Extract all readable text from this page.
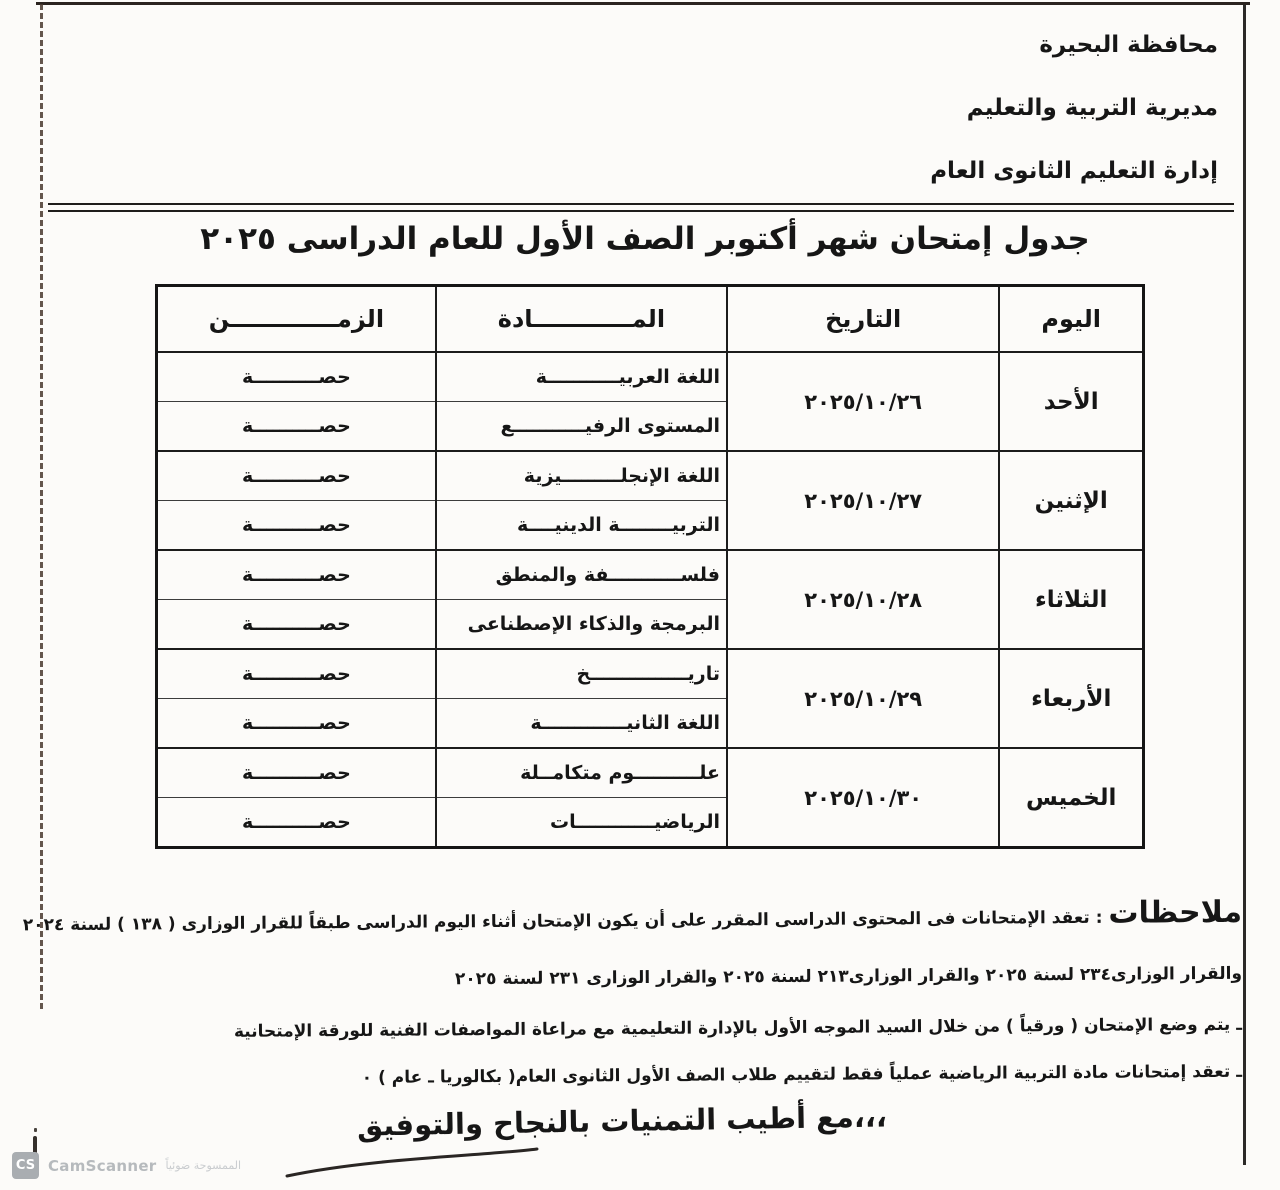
محافظة البحيرة
مديرية التربية والتعليم
إدارة التعليم الثانوى العام
جدول إمتحان شهر أكتوبر الصف الأول للعام الدراسى ٢٠٢٥
اليوم	التاريخ	المــــــــــــادة	الزمـــــــــــــن
الأحد	٢٠٢٥/١٠/٢٦	اللغة العربيـــــــــــة	حصــــــــــة
		المستوى الرفيـــــــــــع	حصــــــــــة
الإثنين	٢٠٢٥/١٠/٢٧	اللغة الإنجلـــــــــيزية	حصــــــــــة
		التربيــــــــة الدينيــــة	حصــــــــــة
الثلاثاء	٢٠٢٥/١٠/٢٨	فلســـــــــــفة والمنطق	حصــــــــــة
		البرمجة والذكاء الإصطناعى	حصــــــــــة
الأربعاء	٢٠٢٥/١٠/٢٩	تاريـــــــــــــــخ	حصــــــــــة
		اللغة الثانيـــــــــــــة	حصــــــــــة
الخميس	٢٠٢٥/١٠/٣٠	علــــــــــوم متكامــلة	حصــــــــــة
		الرياضيــــــــــــات	حصــــــــــة
ملاحظات : تعقد الإمتحانات فى المحتوى الدراسى المقرر على أن يكون الإمتحان أثناء اليوم الدراسى طبقاً للقرار الوزارى ( ١٣٨ ) لسنة ٢٠٢٤
والقرار الوزارى٢٣٤ لسنة ٢٠٢٥ والقرار الوزارى٢١٣ لسنة ٢٠٢٥ والقرار الوزارى ٢٣١ لسنة ٢٠٢٥
ـ يتم وضع الإمتحان ( ورقياً ) من خلال السيد الموجه الأول بالإدارة التعليمية مع مراعاة المواصفات الفنية للورقة الإمتحانية
ـ تعقد إمتحانات مادة التربية الرياضية عملياً فقط لتقييم طلاب الصف الأول الثانوى العام( بكالوريا ـ عام ) ٠
مع أطيب التمنيات بالنجاح والتوفيق،،،
CS CamScanner الممسوحة ضوئياً
